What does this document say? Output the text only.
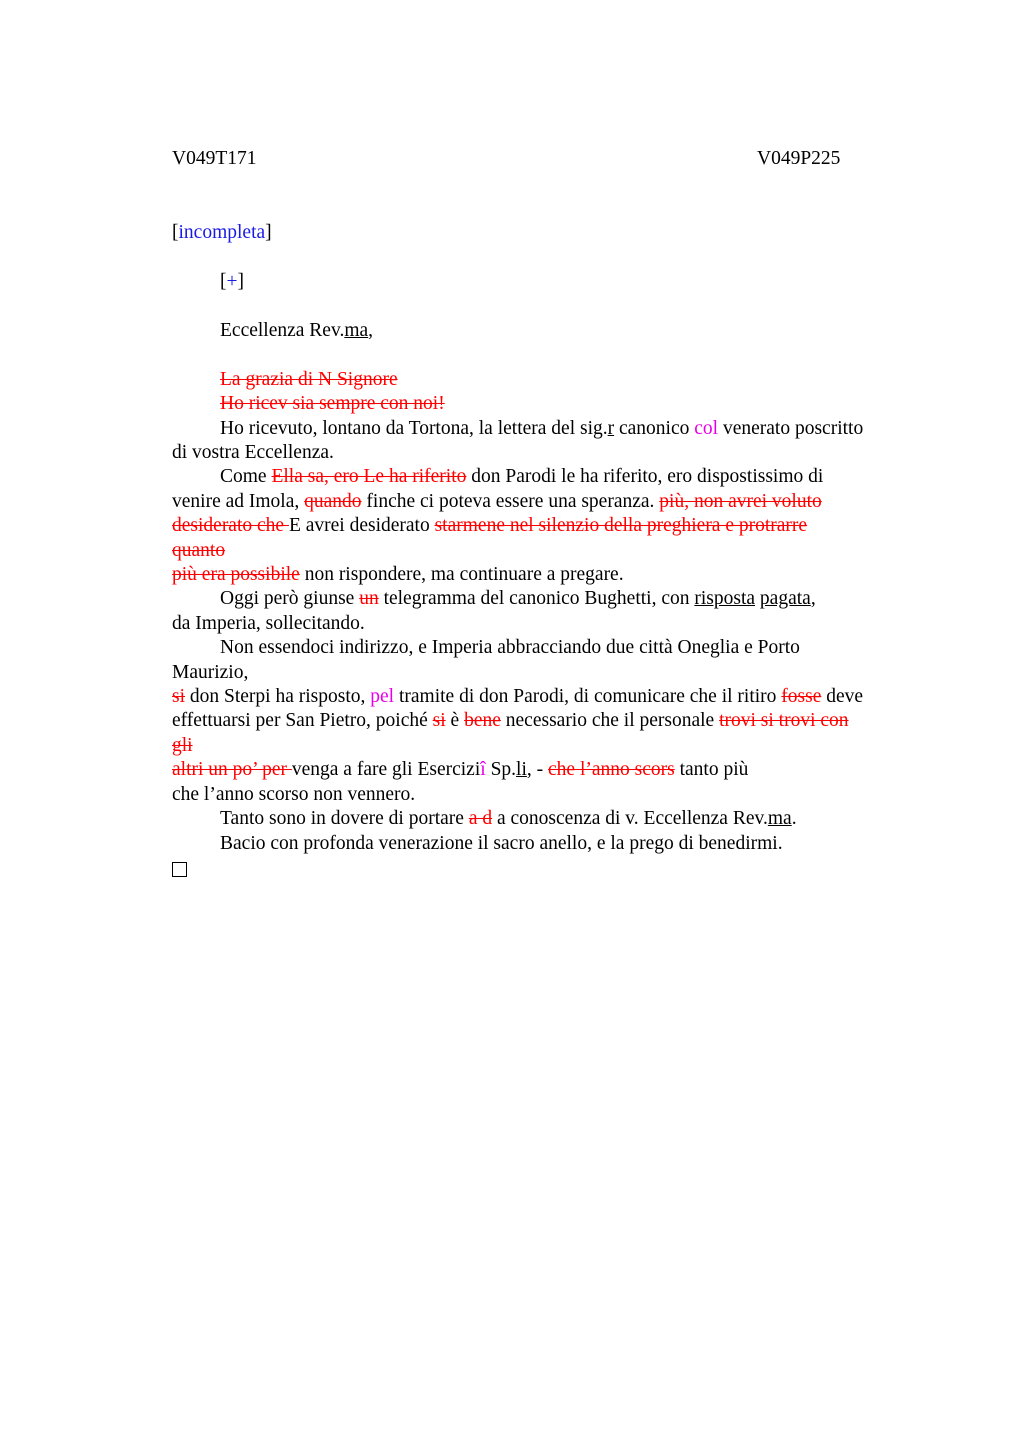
V049T171	V049P225
[incompleta]
[+]
Eccellenza Rev.ma,
La grazia di N Signore
Ho ricev sia sempre con noi!
Ho ricevuto, lontano da Tortona, la lettera del sig.r canonico col venerato poscritto
di vostra Eccellenza.
Come Ella sa, ero Le ha riferito don Parodi le ha riferito, ero dispostissimo di
venire ad Imola, quando finche ci poteva essere una speranza. più, non avrei voluto
desiderato che E avrei desiderato starmene nel silenzio della preghiera e protrarre
quanto
più era possibile non rispondere, ma continuare a pregare.
Oggi però giunse un telegramma del canonico Bughetti, con risposta pagata,
da Imperia, sollecitando.
Non essendoci indirizzo, e Imperia abbracciando due città Oneglia e Porto
Maurizio,
si don Sterpi ha risposto, pel tramite di don Parodi, di comunicare che il ritiro fosse deve
effettuarsi per San Pietro, poiché si è bene necessario che il personale trovi si trovi con
gli
altri un po’ per venga a fare gli Eserciziî Sp.li, - che l’anno scors tanto più
che l’anno scorso non vennero.
Tanto sono in dovere di portare a d a conoscenza di v. Eccellenza Rev.ma.
Bacio con profonda venerazione il sacro anello, e la prego di benedirmi.
